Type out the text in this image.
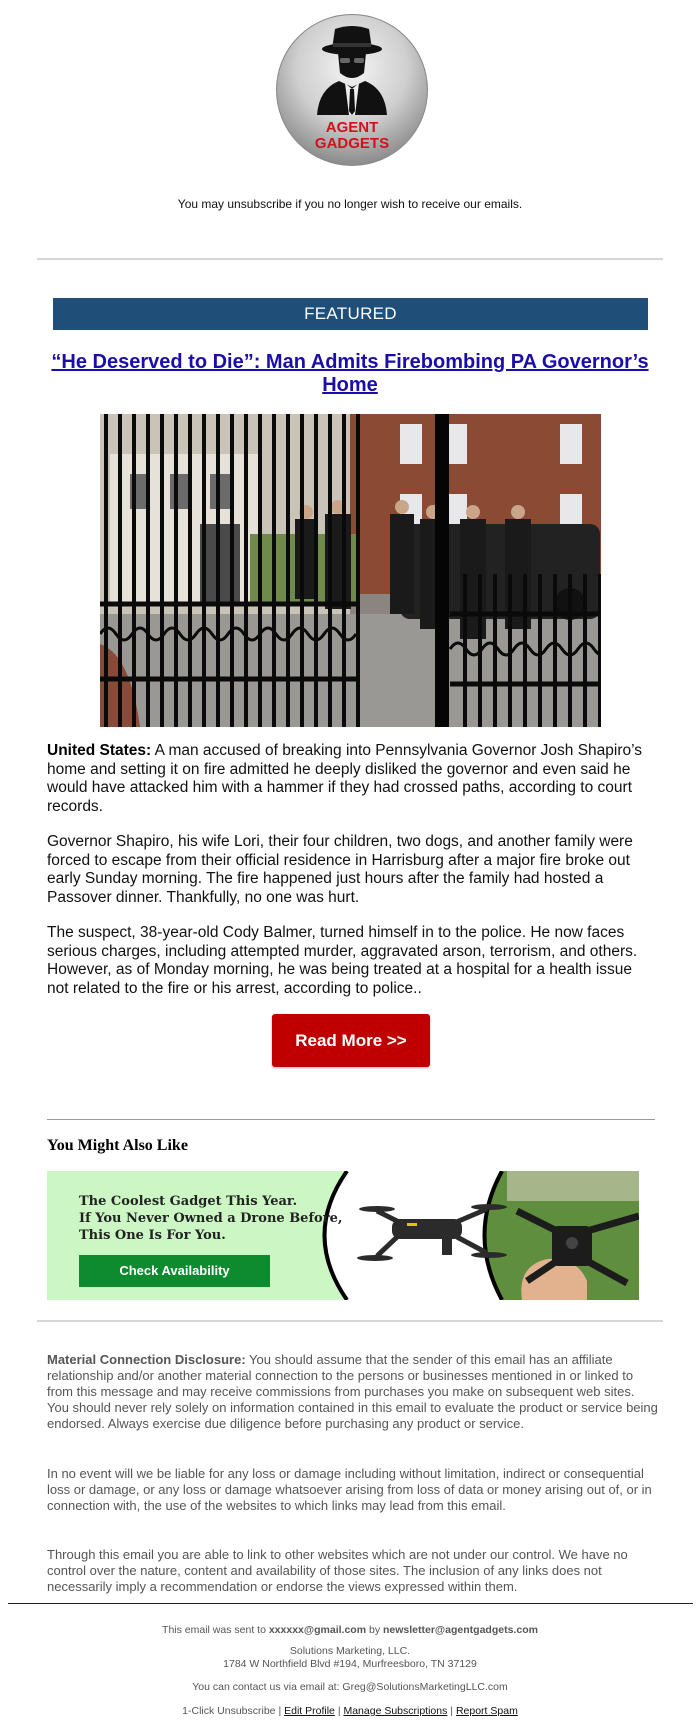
AGENT
GADGETS
You may unsubscribe if you no longer wish to receive our emails.
FEATURED
“He Deserved to Die”: Man Admits Firebombing PA Governor’s Home
United States: A man accused of breaking into Pennsylvania Governor Josh Shapiro’s home and setting it on fire admitted he deeply disliked the governor and even said he would have attacked him with a hammer if they had crossed paths, according to court records.
Governor Shapiro, his wife Lori, their four children, two dogs, and another family were forced to escape from their official residence in Harrisburg after a major fire broke out early Sunday morning. The fire happened just hours after the family had hosted a Passover dinner. Thankfully, no one was hurt.
The suspect, 38-year-old Cody Balmer, turned himself in to the police. He now faces serious charges, including attempted murder, aggravated arson, terrorism, and others. However, as of Monday morning, he was being treated at a hospital for a health issue not related to the fire or his arrest, according to police..
Read More >>
You Might Also Like
The Coolest Gadget This Year.
If You Never Owned a Drone Before,
This One Is For You.
Check Availability
Material Connection Disclosure: You should assume that the sender of this email has an affiliate relationship and/or another material connection to the persons or businesses mentioned in or linked to from this message and may receive commissions from purchases you make on subsequent web sites. You should never rely solely on information contained in this email to evaluate the product or service being endorsed. Always exercise due diligence before purchasing any product or service.
In no event will we be liable for any loss or damage including without limitation, indirect or consequential loss or damage, or any loss or damage whatsoever arising from loss of data or money arising out of, or in connection with, the use of the websites to which links may lead from this email.
Through this email you are able to link to other websites which are not under our control. We have no control over the nature, content and availability of those sites. The inclusion of any links does not necessarily imply a recommendation or endorse the views expressed within them.
This email was sent to xxxxxx@gmail.com by newsletter@agentgadgets.com
Solutions Marketing, LLC.
1784 W Northfield Blvd #194, Murfreesboro, TN 37129
You can contact us via email at: Greg@SolutionsMarketingLLC.com
1-Click Unsubscribe | Edit Profile | Manage Subscriptions | Report Spam
